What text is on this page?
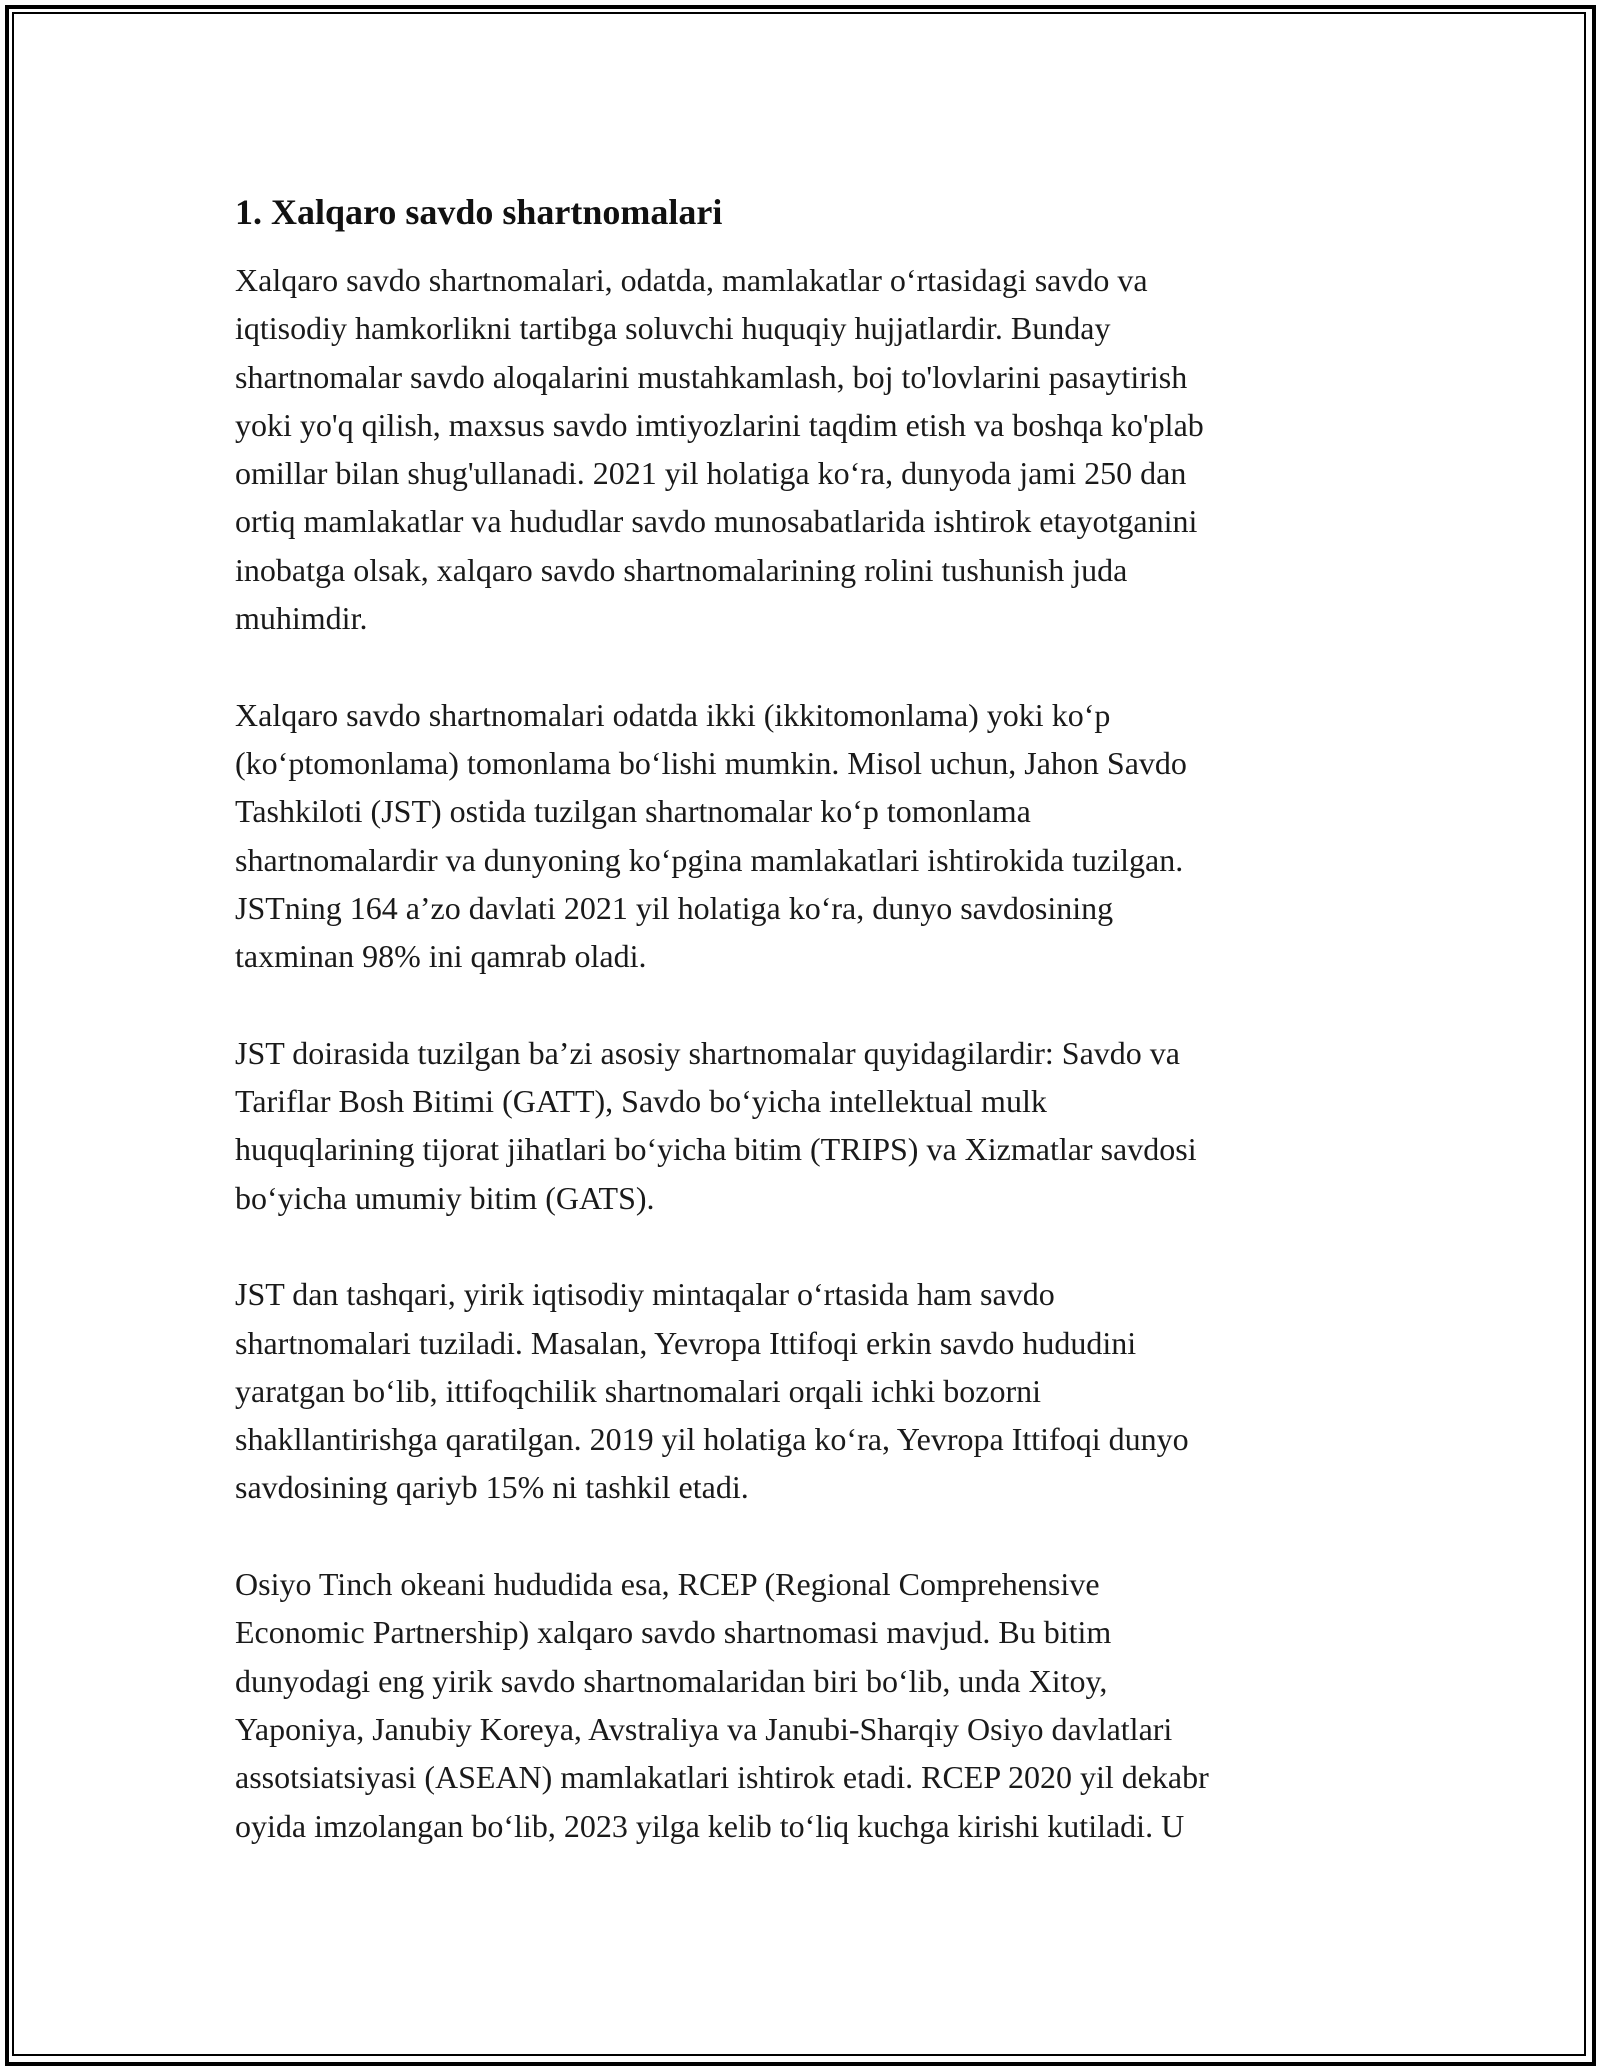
1. Xalqaro savdo shartnomalari

Xalqaro savdo shartnomalari, odatda, mamlakatlar o‘rtasidagi savdo va
iqtisodiy hamkorlikni tartibga soluvchi huquqiy hujjatlardir. Bunday
shartnomalar savdo aloqalarini mustahkamlash, boj to'lovlarini pasaytirish
yoki yo'q qilish, maxsus savdo imtiyozlarini taqdim etish va boshqa ko'plab
omillar bilan shug'ullanadi. 2021 yil holatiga ko‘ra, dunyoda jami 250 dan
ortiq mamlakatlar va hududlar savdo munosabatlarida ishtirok etayotganini
inobatga olsak, xalqaro savdo shartnomalarining rolini tushunish juda
muhimdir.

Xalqaro savdo shartnomalari odatda ikki (ikkitomonlama) yoki ko‘p
(ko‘ptomonlama) tomonlama bo‘lishi mumkin. Misol uchun, Jahon Savdo
Tashkiloti (JST) ostida tuzilgan shartnomalar ko‘p tomonlama
shartnomalardir va dunyoning ko‘pgina mamlakatlari ishtirokida tuzilgan.
JSTning 164 a’zo davlati 2021 yil holatiga ko‘ra, dunyo savdosining
taxminan 98% ini qamrab oladi.

JST doirasida tuzilgan ba’zi asosiy shartnomalar quyidagilardir: Savdo va
Tariflar Bosh Bitimi (GATT), Savdo bo‘yicha intellektual mulk
huquqlarining tijorat jihatlari bo‘yicha bitim (TRIPS) va Xizmatlar savdosi
bo‘yicha umumiy bitim (GATS).

JST dan tashqari, yirik iqtisodiy mintaqalar o‘rtasida ham savdo
shartnomalari tuziladi. Masalan, Yevropa Ittifoqi erkin savdo hududini
yaratgan bo‘lib, ittifoqchilik shartnomalari orqali ichki bozorni
shakllantirishga qaratilgan. 2019 yil holatiga ko‘ra, Yevropa Ittifoqi dunyo
savdosining qariyb 15% ni tashkil etadi.

Osiyo Tinch okeani hududida esa, RCEP (Regional Comprehensive
Economic Partnership) xalqaro savdo shartnomasi mavjud. Bu bitim
dunyodagi eng yirik savdo shartnomalaridan biri bo‘lib, unda Xitoy,
Yaponiya, Janubiy Koreya, Avstraliya va Janubi-Sharqiy Osiyo davlatlari
assotsiatsiyasi (ASEAN) mamlakatlari ishtirok etadi. RCEP 2020 yil dekabr
oyida imzolangan bo‘lib, 2023 yilga kelib to‘liq kuchga kirishi kutiladi. U
